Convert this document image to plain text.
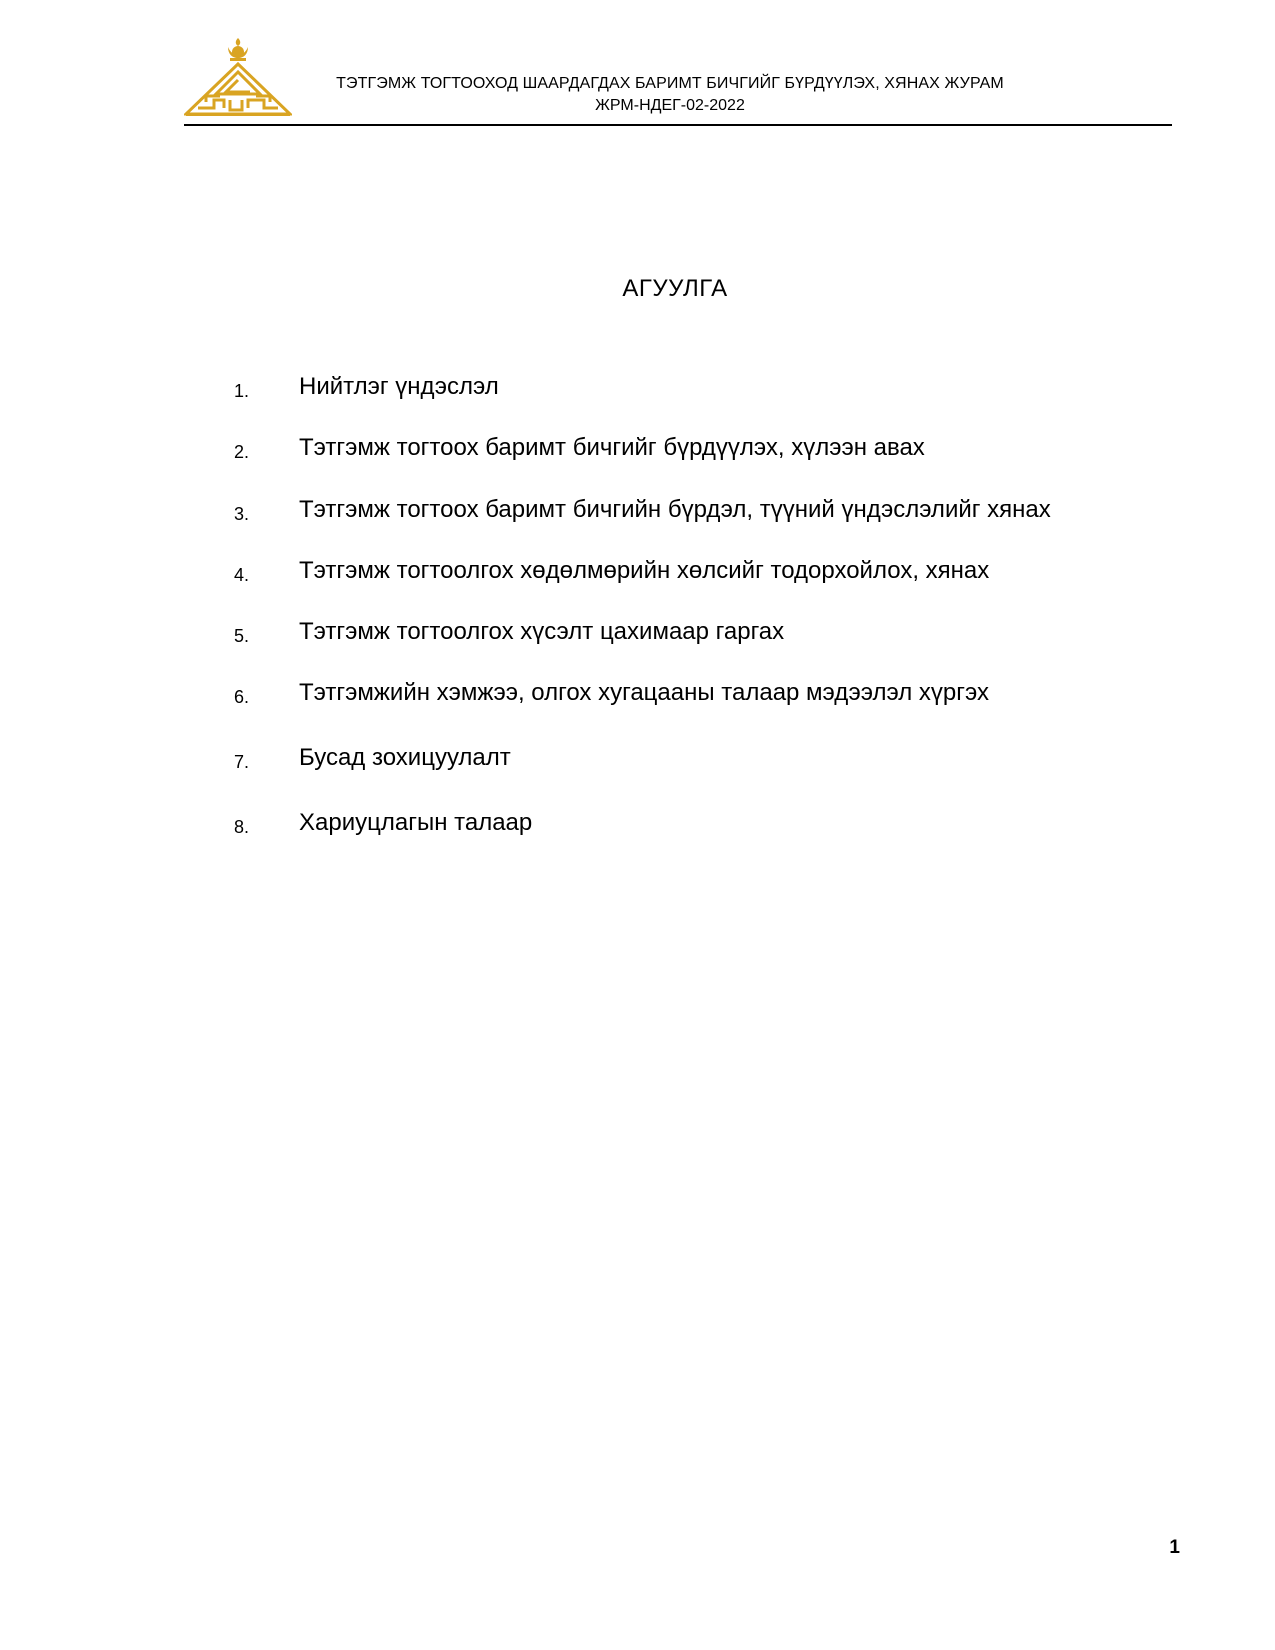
ТЭТГЭМЖ ТОГТООХОД ШААРДАГДАХ БАРИМТ БИЧГИЙГ БҮРДҮҮЛЭХ, ХЯНАХ ЖУРАМ
ЖРМ-НДЕГ-02-2022
АГУУЛГА
1. Нийтлэг үндэслэл
2. Тэтгэмж тогтоох баримт бичгийг бүрдүүлэх, хүлээн авах
3. Тэтгэмж тогтоох баримт бичгийн бүрдэл, түүний үндэслэлийг хянах
4. Тэтгэмж тогтоолгох хөдөлмөрийн хөлсийг тодорхойлох, хянах
5. Тэтгэмж тогтоолгох хүсэлт цахимаар гаргах
6. Тэтгэмжийн хэмжээ, олгох хугацааны талаар мэдээлэл хүргэх
7. Бусад зохицуулалт
8. Хариуцлагын талаар
1
